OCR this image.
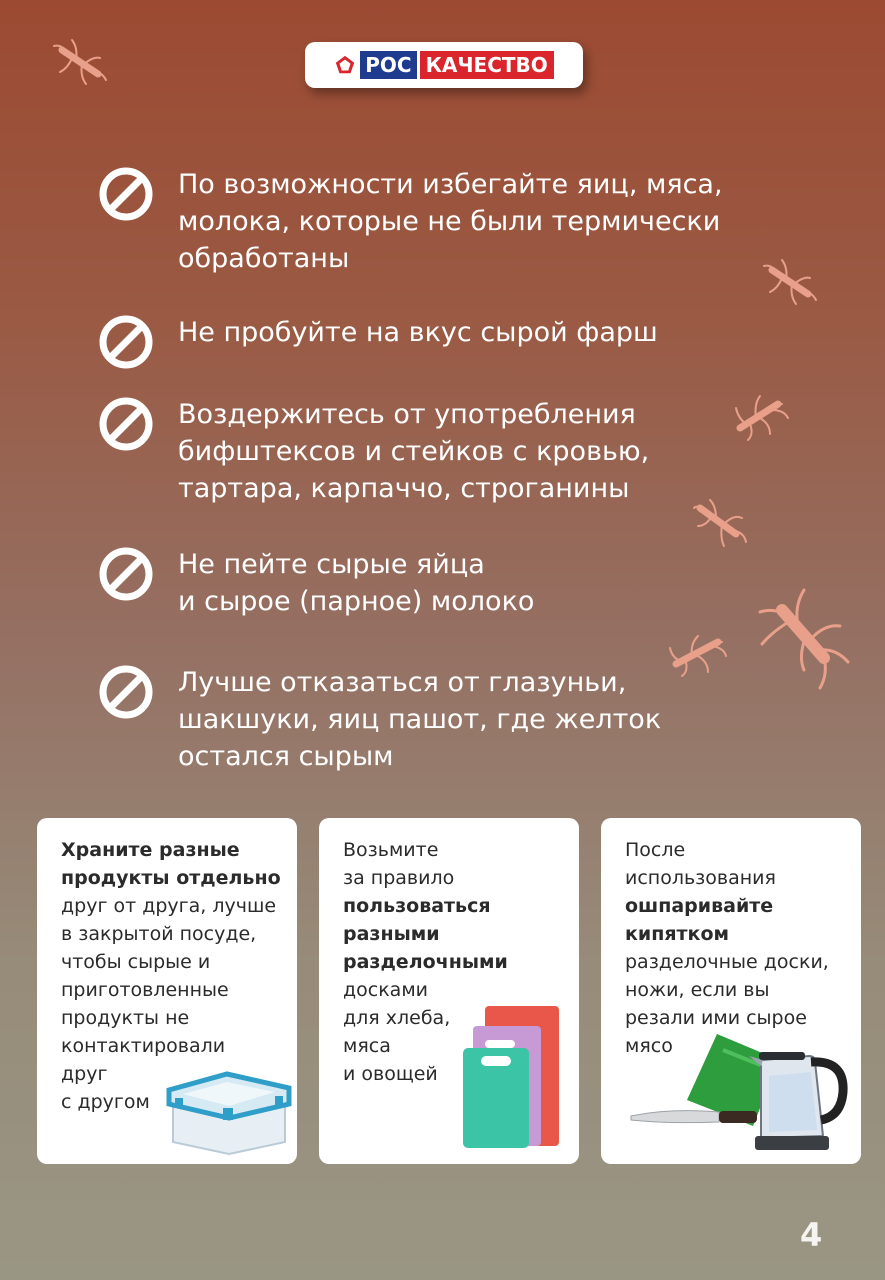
РОС КАЧЕСТВО
По возможности избегайте яиц, мяса,
молока, которые не были термически
обработаны
Не пробуйте на вкус сырой фарш
Воздержитесь от употребления
бифштексов и стейков с кровью,
тартара, карпаччо, строганины
Не пейте сырые яйца
и сырое (парное) молоко
Лучше отказаться от глазуньи,
шакшуки, яиц пашот, где желток
остался сырым
Храните разные
продукты отдельно
друг от друга, лучше
в закрытой посуде,
чтобы сырые и
приготовленные
продукты не
контактировали
друг
с другом
Возьмите
за правило
пользоваться
разными
разделочными
досками
для хлеба,
мяса
и овощей
После
использования
ошпаривайте
кипятком
разделочные доски,
ножи, если вы
резали ими сырое
мясо
4
